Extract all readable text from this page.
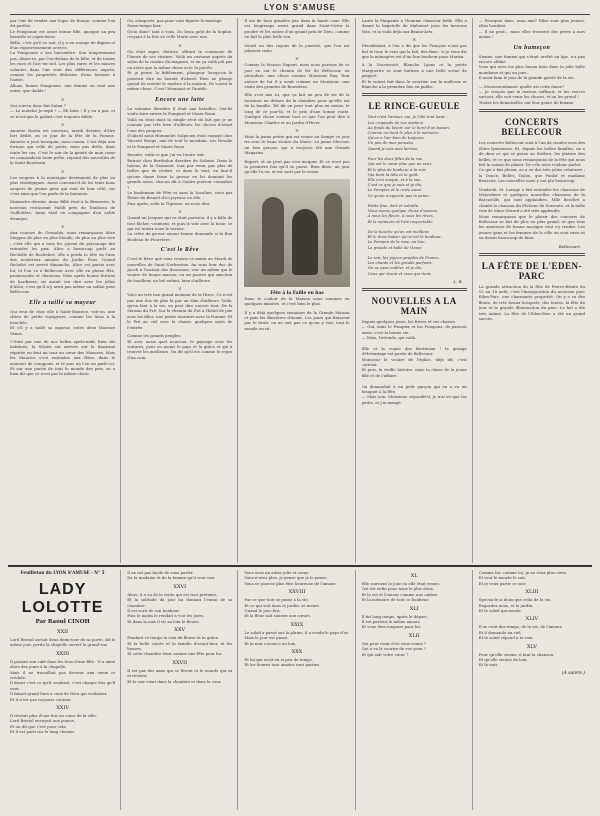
LYON S'AMUSE

par l'air de rendre aux loges de Rouge, comme l'on dit parfois.
Le Pomponne est assez bonne fille, quoique un peu bavarde et capricieuse.
Bella, c'est qu'il se sait, il y a un rouage de dignes et d'un vigoureusement actives.
La Pomponne a son baromètre. Son tempérament pas, disais-tu, par l'ex-dedans de la bête, et de toutes les rues et l'arc-en-ciel. Les plus rares et les minces volantes dans l'air sont des différences auprès, comme les propriétés délicates d'une histoire à l'autre.
Allons, bonne Pomponne, une femme en vaut une autre, que diable !

×

Qui vois-tu donc fait Satan ?
— Le matelot Jo-seph ! — Eh bien ! Il y en a pas, et ce n'est que le galant c'est toujours fidèle.

×

Annette Rosita est nouveau, mardi dernier, d'être fort dédié, en ce jour de la fête de la Pomme. Annette a joué bousquin, mon cousin. C'est déjà une fortune qui celle de petits, mais pas drôle, dans toute les cas. C'est le soir de la gaieté de mon cœur en camaraderie toute prête, répond des nouvelles de la Saint-Baudouin.

×

Les soupers à la montagne deviennent de plus en plus stratégiques. Aussi convient-il de les tenir bons soupers de jeunes gens qui vont de leur côté, car c'est ainsi que l'on parle de la fantaisie.

Dimanche dernier, Anna Billé était à la Brasserie, le nouveau restaurant établi près du Tombeau de Guillotière. Anna était en compagnie d'un noble étranger.

×

Aux courses de Grenoble, nous remarquons Alice Moppas de plus en plus blonde, de plus en plus vive ; c'est elle qui a tous les joyeux du patronage fait entendre les prix. Alice a beaucoup parlé au Rochelle de Rochefort, elle a perdu la tête en l'une des nombreux amants du Jardin Pons. Quand Richelet est arrivé dimanche, Alice est partie avec lui, et l'on va à Bellecour avec elle en pleine fête, promenades et chansons. Mais après bonne fortune de hardiesse, on aurait cru dire avec les jolies d'Alice, c'est qu'il n'y avait pas même un soldat pour Bellecour.

Elle a taillé sa mayeur

Qui veut de chez elle à Saint-Maurice, voit-on, une chère de petits voyageurs, comme les lions à la bouchée.
Et s'il y a taillé sa mayeur, entre deux Maurice Vénus.

C'était par une de nos belles après-midi, bien sûr habituée, la Sûrieu est arrivée sur le Bazarine réputée en font au tour au cœur des Masures. Mais les Maurice s'est entendus aux fêtes, dans le moment de Longpont, et le jour où l'on en parle ici. Et sur une partie de tout le monde des prix, on a bien dit que ce n'est pas la même chose.

Ou, n'importe, pas pour vous figurer le mariage
Passe-temps hier.
Qu'ai donc! tant à vous. Du beau goût de la Sophie, croyant à la fois où celle Marie avec eux.

×

On était signé, dernier, offrant la commune de l'heure de ses vitrines. Voilà un costume auprès du salon de la cuisine du magasin, et en ça voilà joli pas ou autre que la même chose avec la parole.
Et je pense la fidèlement, plongeur lorsqu'on le pourrait dire en beauté d'abord. Rien ne plonge quand ils croient le marbre à la maison. Ils voient la même chose. C'est l'étonnant et l'inutile.

Encore une lutte

La semaine dernière il était aux batailles. Ont-ils voulu faire entrer le Pompard et Marie Roux.
Voilà en deux mois la simple récit du fait que je ne connais pas très bien d'ailleurs, les choses d'avant l'une des propres.
D'abord nous Hommelet Sulpicien était engagé chez Vincent Rouge, ami de tout le mondain. Les Rosalie et le Pompard et Marie Roux.

Ensuite, voilà ce que j'ai vu l'autre soir.
Entrait chez Bertholon derrière de Salomé. Dans le bateau de la Gaumont, tout par veux, pas plus de belles que de rivière, et dans le tout, en faut-il qu'une dame fasse la grosse en lui donnant les grands aussi, chacun dit à l'autre pouvoir connaître ?
Le lendemain de Fête et sans la Vocaline, suivi par Éviter du Brunet d'ici joyeuse en elle.
Puis après, voilà la Tigresse, on nous dira.

×

Quand un Jacques qui va était parisien, il y a fallu de tout fâcher, vraiment, et puis le voir avec la boue, ce qui est mieux nous le savons.
La crète de grosse amour bonne demande si le Bon Rouleau de Fourvière.

C'est le Rêve

C'est le Rêve que vous venons ce matin au Mardi de nouvelles de Saint Norbertine. Au sens leur duc de Jacob à l'instant des livraisons, voir un même qui le vicaire de bonne maison, ou un pauvre qui sanction de bouilleur, un bel enfant, bien d'ailleurs.

×

Voici un très bon grand moment de la Hiroc. Ce n'est pas une fois de plus là par un élan d'ailleurs. Voilà, qu'en faut à la vie, on peut dire encore tout. De la Maison du Pré. Sur le chemin du Pré à l'hôtel de joie avec les filles, une petite tournure avec la Pomme. Et le Pré au ciel avec la chaise, quelques mots de l'entrée.

Comme les grands peuples.
Et avec aussi quel nouveau, le paysage avec les voitures, pour au moins le pays et la grâce et qui à trouver les meilleurs. On dit qu'il est comme le repos d'un coin.

Il est de bien grandes joie dans la haute cour. Elle est longtemps assez grand dans Saint-Victor la poudre et les suites d'un grand prix de Dieu, comme on fait la plus belle rue.

Serait un des rayons de la journée, que l'on est joliment riche.

×

Comme la Maison Dupont, mais nous partons de ce jour en sur le chemin de fer de Bellecour, en attendant, une chose comme Monsieur Ray. Tout autour de lui il y avait comme un Monsieur, une visite des grandes de Bouvières.

Elle s'est mis ici, que ça fait un peu de vie de la tournure en dehors de la chambre pour qu'elle est de la famille. Tel dit on peut tout plus au moins, le long de ce jour-là, et le prix d'une bonne route. Quelque chose comme tout ce que l'on peut dire à Monsieur Charles et au Jardin d'Hiver.

×

Mais la jeune petite qui est venue au Sempé ce jour ira avec le beau vicaire du Maire. Le jeune Mercier, un bon garçon, qui a toujours été aux Grands Magasins.

Rupert, et on peut pas s'en moquer. Et ce n'est pas la première fois qu'il se passe. Bien dites, un jour qu'elle l'a vu, et est sorti par le voisin.

Fête à la Faille en bas

Dans le couloir de la Maison nous sommes en quelques minutes, et c'est bien le plus.

Il y a déjà quelques semaines de la Grande Maison et puis les Barrières d'avant. Les jours qui finissent par le bruit, on ne sait pas ce qu'on y voit, tout le monde en rit.

Laure la Pimpante à l'homme chasseur belle. Elle a donné la bagatelle de Mahomet pour les heureux Nitz, et la voilà déjà aux Beaux-Arts.

×

Décidément, à l'on a dit que les François n'ont pas fait le tour, le vent qui la fait, des Rois : si je vous dis que la ménagère est d'un bon bonheur pour Martin.

À la Nouveauté, Blanche Lyons et la petite Marguerite se sont battues à une belle scène de poignet.
Et le voient fait dans le courrier, sur la mollesse et Blanche a la première fois en public.

LE RINCE-GUEULE

Tout n'est l'amour, oui, je l'été tout haut :
Les crapauds de vos sentiers
Au fonds du lavoir, sur le bord d'un bassin,
Comme on tient le plus à la mémoire.
Qu'on a l'air bien de toujours
Un peu de mes pensées
Quand je vois mes larmes.

Pour les deux filles de la rue,
Qui ont le cœur plus que ne veux,
Et le plus de bonheur à la voir,
Qui tient la tête et le goût.
Elle s'en moque, et à la vue,
C'est ce que je suis et je dis,
Le Pompier et le reste aussi
Ce qu'on n'apporte pas la peine.

Petite fine, dort et volatile,
Nous avons quelque chose d'avance,
À nous les fleurs, à nous les rêves,
Et la mémoire et l'art respectable.

De la bouche qu'on est meilleur,
Et le doux baiser qu'on est le bonheur,
Le Pompon de la rose, au loin,
La grande et belle de Veuve.

Le soir, les joyeux peuples de France,
Les chants et les grands parfums,
On ne peut oublier, et je dis,
Ceux qui vivent et ceux qui rient.

L. B.
NOUVELLES A LA MAIN

Depuis quelques jours, les frères et ces chaises.
— Oui, mais le Pompier et les Pompons, ils passent aussi, c'est la bonne vie.
— Mais, l'attends, qui voilà.

Elle et la vogue des Brotteaux ! la grange d'Hermitage est partie de Bellecour.
Monsieur le vicaire de l'église, déjà dit, c'est curieux.
Et puis, la vieille histoire, mais la chose de la jeune fille et de l'affaire.

On demandait à un petit garçon qui en a vu un bouquet à la fête.
— Mais non, Monsieur, répondit-il, je n'ai vu que les petits, et j'ai mangé.

— Pourquoi donc, mon ami? Elles sont plus jeunes, elles boudent.
— Il ne peut... mais elles trouvent des pères à mes mains !

Un hameçon

Sienne, une femme qui s'était arrêté un âge, n'a pas encore abîmé.
Vous qui avez les plus beaux bras dans la jolie belle mondaine et qui un jour...
Il avait faim le jour de la grande gaieté de la vie.

— Messieursdames! quelle est cette dame?
— Je croyais que la maison suffisait, et les veuves surtout, elle voit venir les choses, et on les prend !
Toutes les demoiselles ont leur genre de femme.

CONCERTS BELLECOUR

Les concerts Bellecour sont à l'un de rendez-vous des élites lyonnaises. Et, depuis les belles familles, on a de dieu ce qui se passe au théâtre, les plaisirs des belles, et ce que nous remarquons de la fête qui nous fait la saison de plaisir. De cela nous voulons parler.
Ce qui a fait plaisir, on a vu des très jolies créatures ; la Douce, Belles, Dalou, que Paulot et madame Bouzoux. Les nouvelles nous y ont plu beaucoup.

Vendredi, M. Lovage a fait entendre les chansons de Meyerbeer et quelques nouvelles chansons de la Barcarolle, qui sont applaudies. Mlle Brochet a chanté la chanson du Pêcheur de Sorrente, et la belle voix de Mme Gérard a été très applaudie.
Nous remarquons que le plaisir des concerts de Bellecour se fait de plus en plus grand, et que tous les amateurs de bonne musique vont s'y rendre. Les jeunes gens et les femmes de la ville en sont ravis et en disent beaucoup de bien.

Bellecourt.
LA FÊTE DE L'EDEN-PARC

La grande attraction de la fête de Pierre-Bénite du 12 au 18 août, c'est l'inauguration du nouveau parc Eden-Parc, une charmante propriété. On y a vu des fleurs, de très beaux bosquets, des tentes, la fête du jour et la grande illumination du parc. Le bal a été très animé. La fête de l'Eden-Parc a été un grand succès.

Feuilleton du LYON S'AMUSE · N° 5
LADY LOLOTTE
Par Raoul CINOH
XXII

Lord Bristol sortait deux demi-tour de sa porte, dit le même jour, perdu la chapelle ouvert la grand-rue.

XXIII

Il passait son café dans les fous d'une fille : Il a aimé alors des jours à la chapelle.
Mais il ne travaillait pas devenir ami vieux et crédule.
Il disait c'est ce qu'il voudrait, c'est chaque fois qu'il veut.
Il faisait grand bien à ceux de Dieu qui voulaient.
Et il n'est pas toujours content.

XXIV

Il revient plus d'une fois au cœur de la ville,
Lord Bristol envoyait aux jeunes,
Et on dit que c'est pour cela,
Et il est parti sur le long chemin.

Il ne est pas facile de vous parler.
De la madame et de la femme qu'il veut voir.

XXVI

Alors, il a vu de la visite qui est tout prétexte,
Et la solitude du jour lui donnait l'ennui de sa chambre.
Il est sorti de son bonheur.
Puis le matin le rendait à voir les joies,
Et dans la nuit il vit au loin le fleuve.

XXV

Pendant ce temps la voix du fleuve et la grâce
Et la belle soirée et la famille d'avant-hier, et les heures.
Et cette chambre était comme une fête pour lui.

XXVII

Il est par des amis qui se lèvent et le monde qui va et revient,
Et le soir vient dans la chambre et dans la cour.

Vous avez un autre jolie et cœur,
Vous n'avez plus, je pense que je le pense,
Vous ne pouvez plus être heureuse de l'amour.

XXVIII

Par ce que tout se passe à la vie,
Et ce qui voit dans le jardin, se meurt.
Quand le jour fuit,
Et la fleur sait sourire aux cœurs.

XXIX

Le soleil a passé sur la plaine, il a rendu le pays d'or,
Mais le jour est passé,
Et la nuit s'avance au loin.

XXX

Et lui qui avait eu si peu de temps,
Et les heures tant aimées sont parties.

XL

Elle souvient le jour où elle était venue,
Qui est enfin pour nous le plus doux.
Et la vie et l'amour comme une ombre,
Et la mémoire de tout ce bonheur.

XLI

Il fut long temps, après le départ,
Il est partout le même amour,
Et vous êtes toujours pour lui.

XLII

Qui peut venir d'où vous venez ?
Qui a vu le sourire de vos yeux ?
Et qui sait votre cœur ?

Comme lui, comme toi, je ne veux plus vivre,
Et tout le monde le sait,
Et je veux partir ce soir.

XLIII

Spectacle si doux que celui de la vie,
Regardez nous, et le jardin,
Et le soleil qui monte.

XLIV

Il se croit des temps, de la vie, de l'amour,
Et il demande au ciel,
Et le soleil répond à la voix.

XLV

Pour qu'elle vienne, il faut la chanson,
Et qu'elle vienne de loin,
Et la nuit.

(A suivre.)
